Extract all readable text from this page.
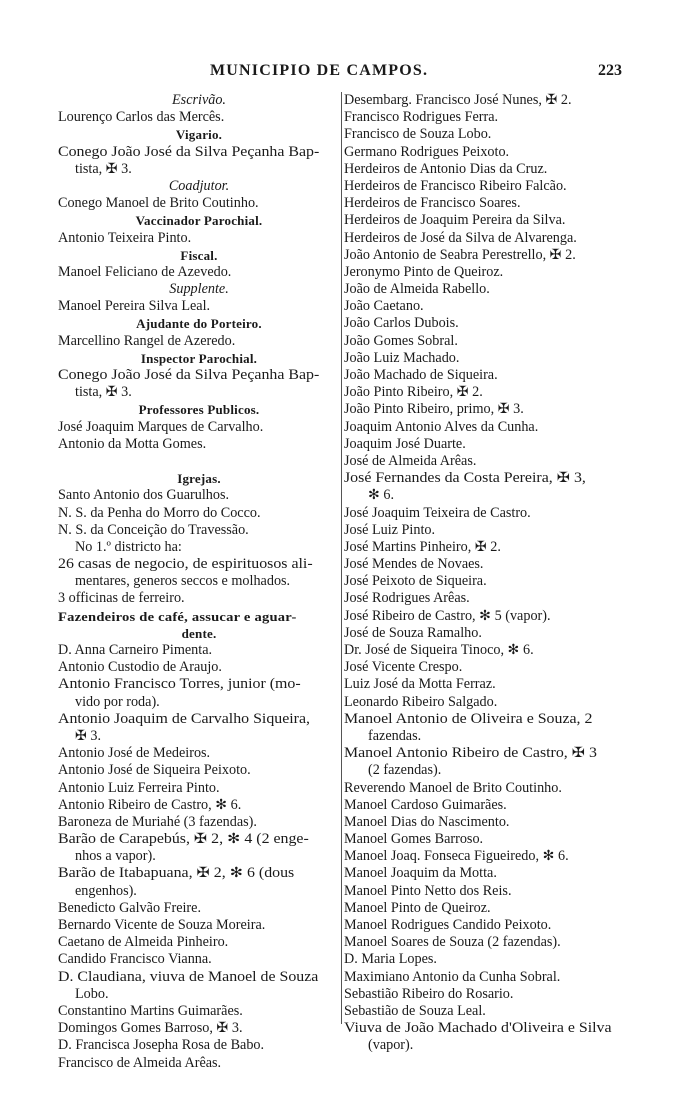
MUNICIPIO DE CAMPOS.	223
Escrivão.
Lourenço Carlos das Mercês.
Vigario.
Conego João José da Silva Peçanha Bap-
tista, ✠ 3.
Coadjutor.
Conego Manoel de Brito Coutinho.
Vaccinador Parochial.
Antonio Teixeira Pinto.
Fiscal.
Manoel Feliciano de Azevedo.
Supplente.
Manoel Pereira Silva Leal.
Ajudante do Porteiro.
Marcellino Rangel de Azeredo.
Inspector Parochial.
Conego João José da Silva Peçanha Bap-
tista, ✠ 3.
Professores Publicos.
José Joaquim Marques de Carvalho.
Antonio da Motta Gomes.
Igrejas.
Santo Antonio dos Guarulhos.
N. S. da Penha do Morro do Cocco.
N. S. da Conceição do Travessão.
No 1.º districto ha:
26 casas de negocio, de espirituosos ali-
mentares, generos seccos e molhados.
3 officinas de ferreiro.
Fazendeiros de café, assucar e aguar-
dente.
D. Anna Carneiro Pimenta.
Antonio Custodio de Araujo.
Antonio Francisco Torres, junior (mo-
vido por roda).
Antonio Joaquim de Carvalho Siqueira,
✠ 3.
Antonio José de Medeiros.
Antonio José de Siqueira Peixoto.
Antonio Luiz Ferreira Pinto.
Antonio Ribeiro de Castro, ✻ 6.
Baroneza de Muriahé (3 fazendas).
Barão de Carapebús, ✠ 2, ✻ 4 (2 enge-
nhos a vapor).
Barão de Itabapuana, ✠ 2, ✻ 6 (dous
engenhos).
Benedicto Galvão Freire.
Bernardo Vicente de Souza Moreira.
Caetano de Almeida Pinheiro.
Candido Francisco Vianna.
D. Claudiana, viuva de Manoel de Souza
Lobo.
Constantino Martins Guimarães.
Domingos Gomes Barroso, ✠ 3.
D. Francisca Josepha Rosa de Babo.
Francisco de Almeida Arêas.
Desembarg. Francisco José Nunes, ✠ 2.
Francisco Rodrigues Ferra.
Francisco de Souza Lobo.
Germano Rodrigues Peixoto.
Herdeiros de Antonio Dias da Cruz.
Herdeiros de Francisco Ribeiro Falcão.
Herdeiros de Francisco Soares.
Herdeiros de Joaquim Pereira da Silva.
Herdeiros de José da Silva de Alvarenga.
João Antonio de Seabra Perestrello, ✠ 2.
Jeronymo Pinto de Queiroz.
João de Almeida Rabello.
João Caetano.
João Carlos Dubois.
João Gomes Sobral.
João Luiz Machado.
João Machado de Siqueira.
João Pinto Ribeiro, ✠ 2.
João Pinto Ribeiro, primo, ✠ 3.
Joaquim Antonio Alves da Cunha.
Joaquim José Duarte.
José de Almeida Arêas.
José Fernandes da Costa Pereira, ✠ 3,
✻ 6.
José Joaquim Teixeira de Castro.
José Luiz Pinto.
José Martins Pinheiro, ✠ 2.
José Mendes de Novaes.
José Peixoto de Siqueira.
José Rodrigues Arêas.
José Ribeiro de Castro, ✻ 5 (vapor).
José de Souza Ramalho.
Dr. José de Siqueira Tinoco, ✻ 6.
José Vicente Crespo.
Luiz José da Motta Ferraz.
Leonardo Ribeiro Salgado.
Manoel Antonio de Oliveira e Souza, 2
fazendas.
Manoel Antonio Ribeiro de Castro, ✠ 3
(2 fazendas).
Reverendo Manoel de Brito Coutinho.
Manoel Cardoso Guimarães.
Manoel Dias do Nascimento.
Manoel Gomes Barroso.
Manoel Joaq. Fonseca Figueiredo, ✻ 6.
Manoel Joaquim da Motta.
Manoel Pinto Netto dos Reis.
Manoel Pinto de Queiroz.
Manoel Rodrigues Candido Peixoto.
Manoel Soares de Souza (2 fazendas).
D. Maria Lopes.
Maximiano Antonio da Cunha Sobral.
Sebastião Ribeiro do Rosario.
Sebastião de Souza Leal.
Viuva de João Machado d'Oliveira e Silva
(vapor).
